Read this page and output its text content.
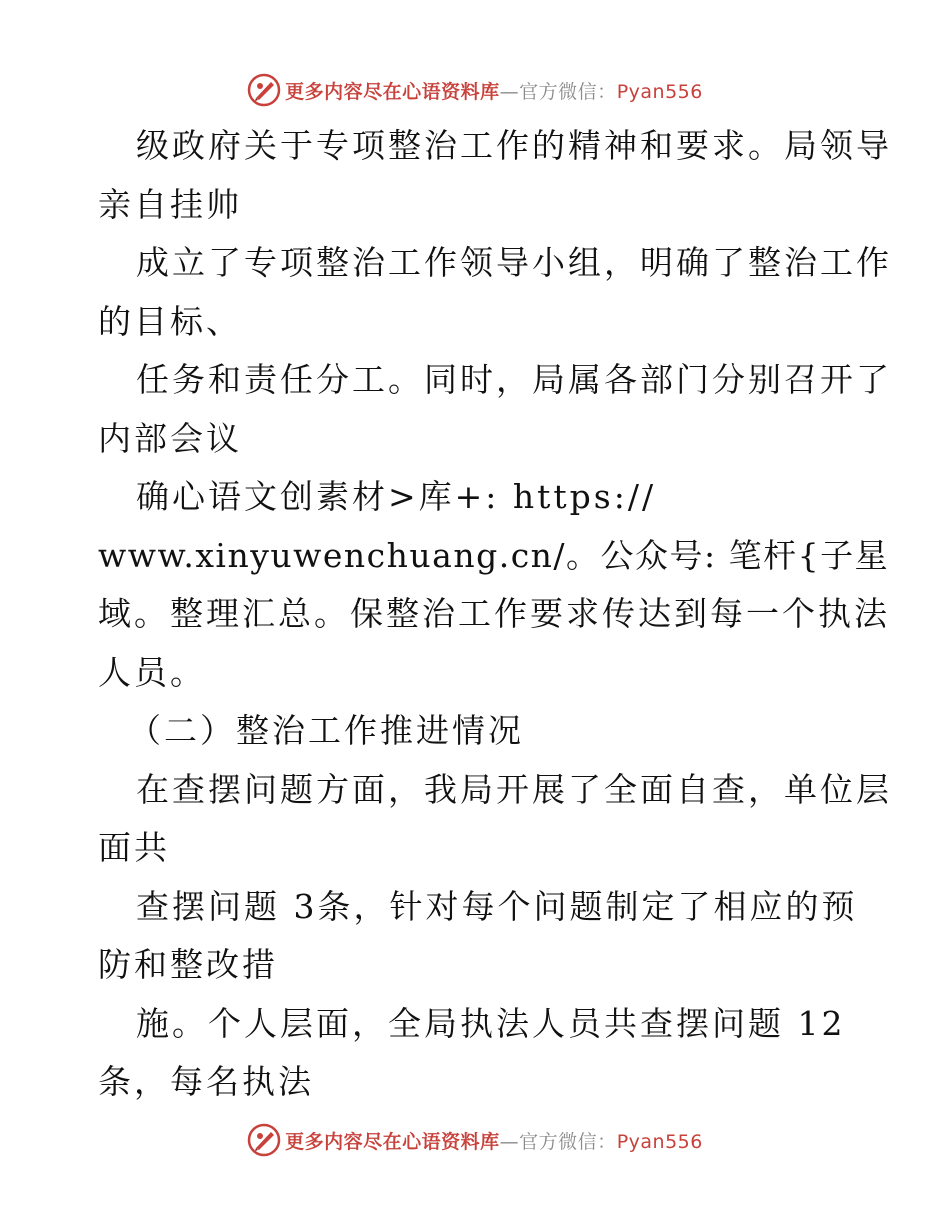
更多内容尽在心语资料库—官方微信：Pyan556
级政府关于专项整治工作的精神和要求。局领导
亲自挂帅
成立了专项整治工作领导小组，明确了整治工作
的目标、
任务和责任分工。同时，局属各部门分别召开了
内部会议
确心语文创素材>库+: https://
www.xinyuwenchuang.cn/。公众号: 笔杆{子星
域。整理汇总。保整治工作要求传达到每一个执法
人员。
（二）整治工作推进情况
在查摆问题方面，我局开展了全面自查，单位层
面共
查摆问题 3条，针对每个问题制定了相应的预
防和整改措
施。个人层面，全局执法人员共查摆问题 12
条，每名执法
更多内容尽在心语资料库—官方微信：Pyan556
